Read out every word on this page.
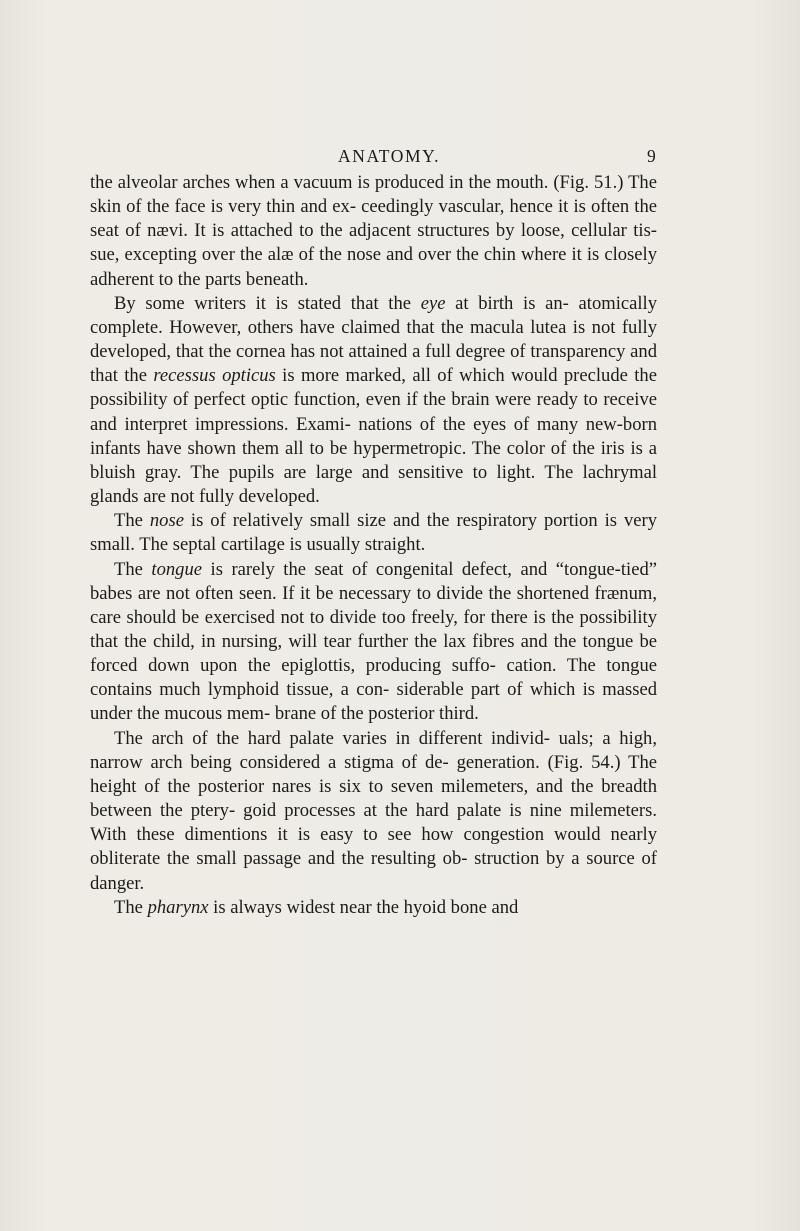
ANATOMY.	9

the alveolar arches when a vacuum is produced in the mouth. (Fig. 51.) The skin of the face is very thin and ex- ceedingly vascular, hence it is often the seat of nævi. It is attached to the adjacent structures by loose, cellular tis- sue, excepting over the alæ of the nose and over the chin where it is closely adherent to the parts beneath.

By some writers it is stated that the eye at birth is an- atomically complete. However, others have claimed that the macula lutea is not fully developed, that the cornea has not attained a full degree of transparency and that the recessus opticus is more marked, all of which would preclude the possibility of perfect optic function, even if the brain were ready to receive and interpret impressions. Exami- nations of the eyes of many new-born infants have shown them all to be hypermetropic. The color of the iris is a bluish gray. The pupils are large and sensitive to light. The lachrymal glands are not fully developed.

The nose is of relatively small size and the respiratory portion is very small. The septal cartilage is usually straight.

The tongue is rarely the seat of congenital defect, and “tongue-tied” babes are not often seen. If it be necessary to divide the shortened frænum, care should be exercised not to divide too freely, for there is the possibility that the child, in nursing, will tear further the lax fibres and the tongue be forced down upon the epiglottis, producing suffo- cation. The tongue contains much lymphoid tissue, a con- siderable part of which is massed under the mucous mem- brane of the posterior third.

The arch of the hard palate varies in different individ- uals; a high, narrow arch being considered a stigma of de- generation. (Fig. 54.) The height of the posterior nares is six to seven milemeters, and the breadth between the ptery- goid processes at the hard palate is nine milemeters. With these dimentions it is easy to see how congestion would nearly obliterate the small passage and the resulting ob- struction by a source of danger.

The pharynx is always widest near the hyoid bone and
